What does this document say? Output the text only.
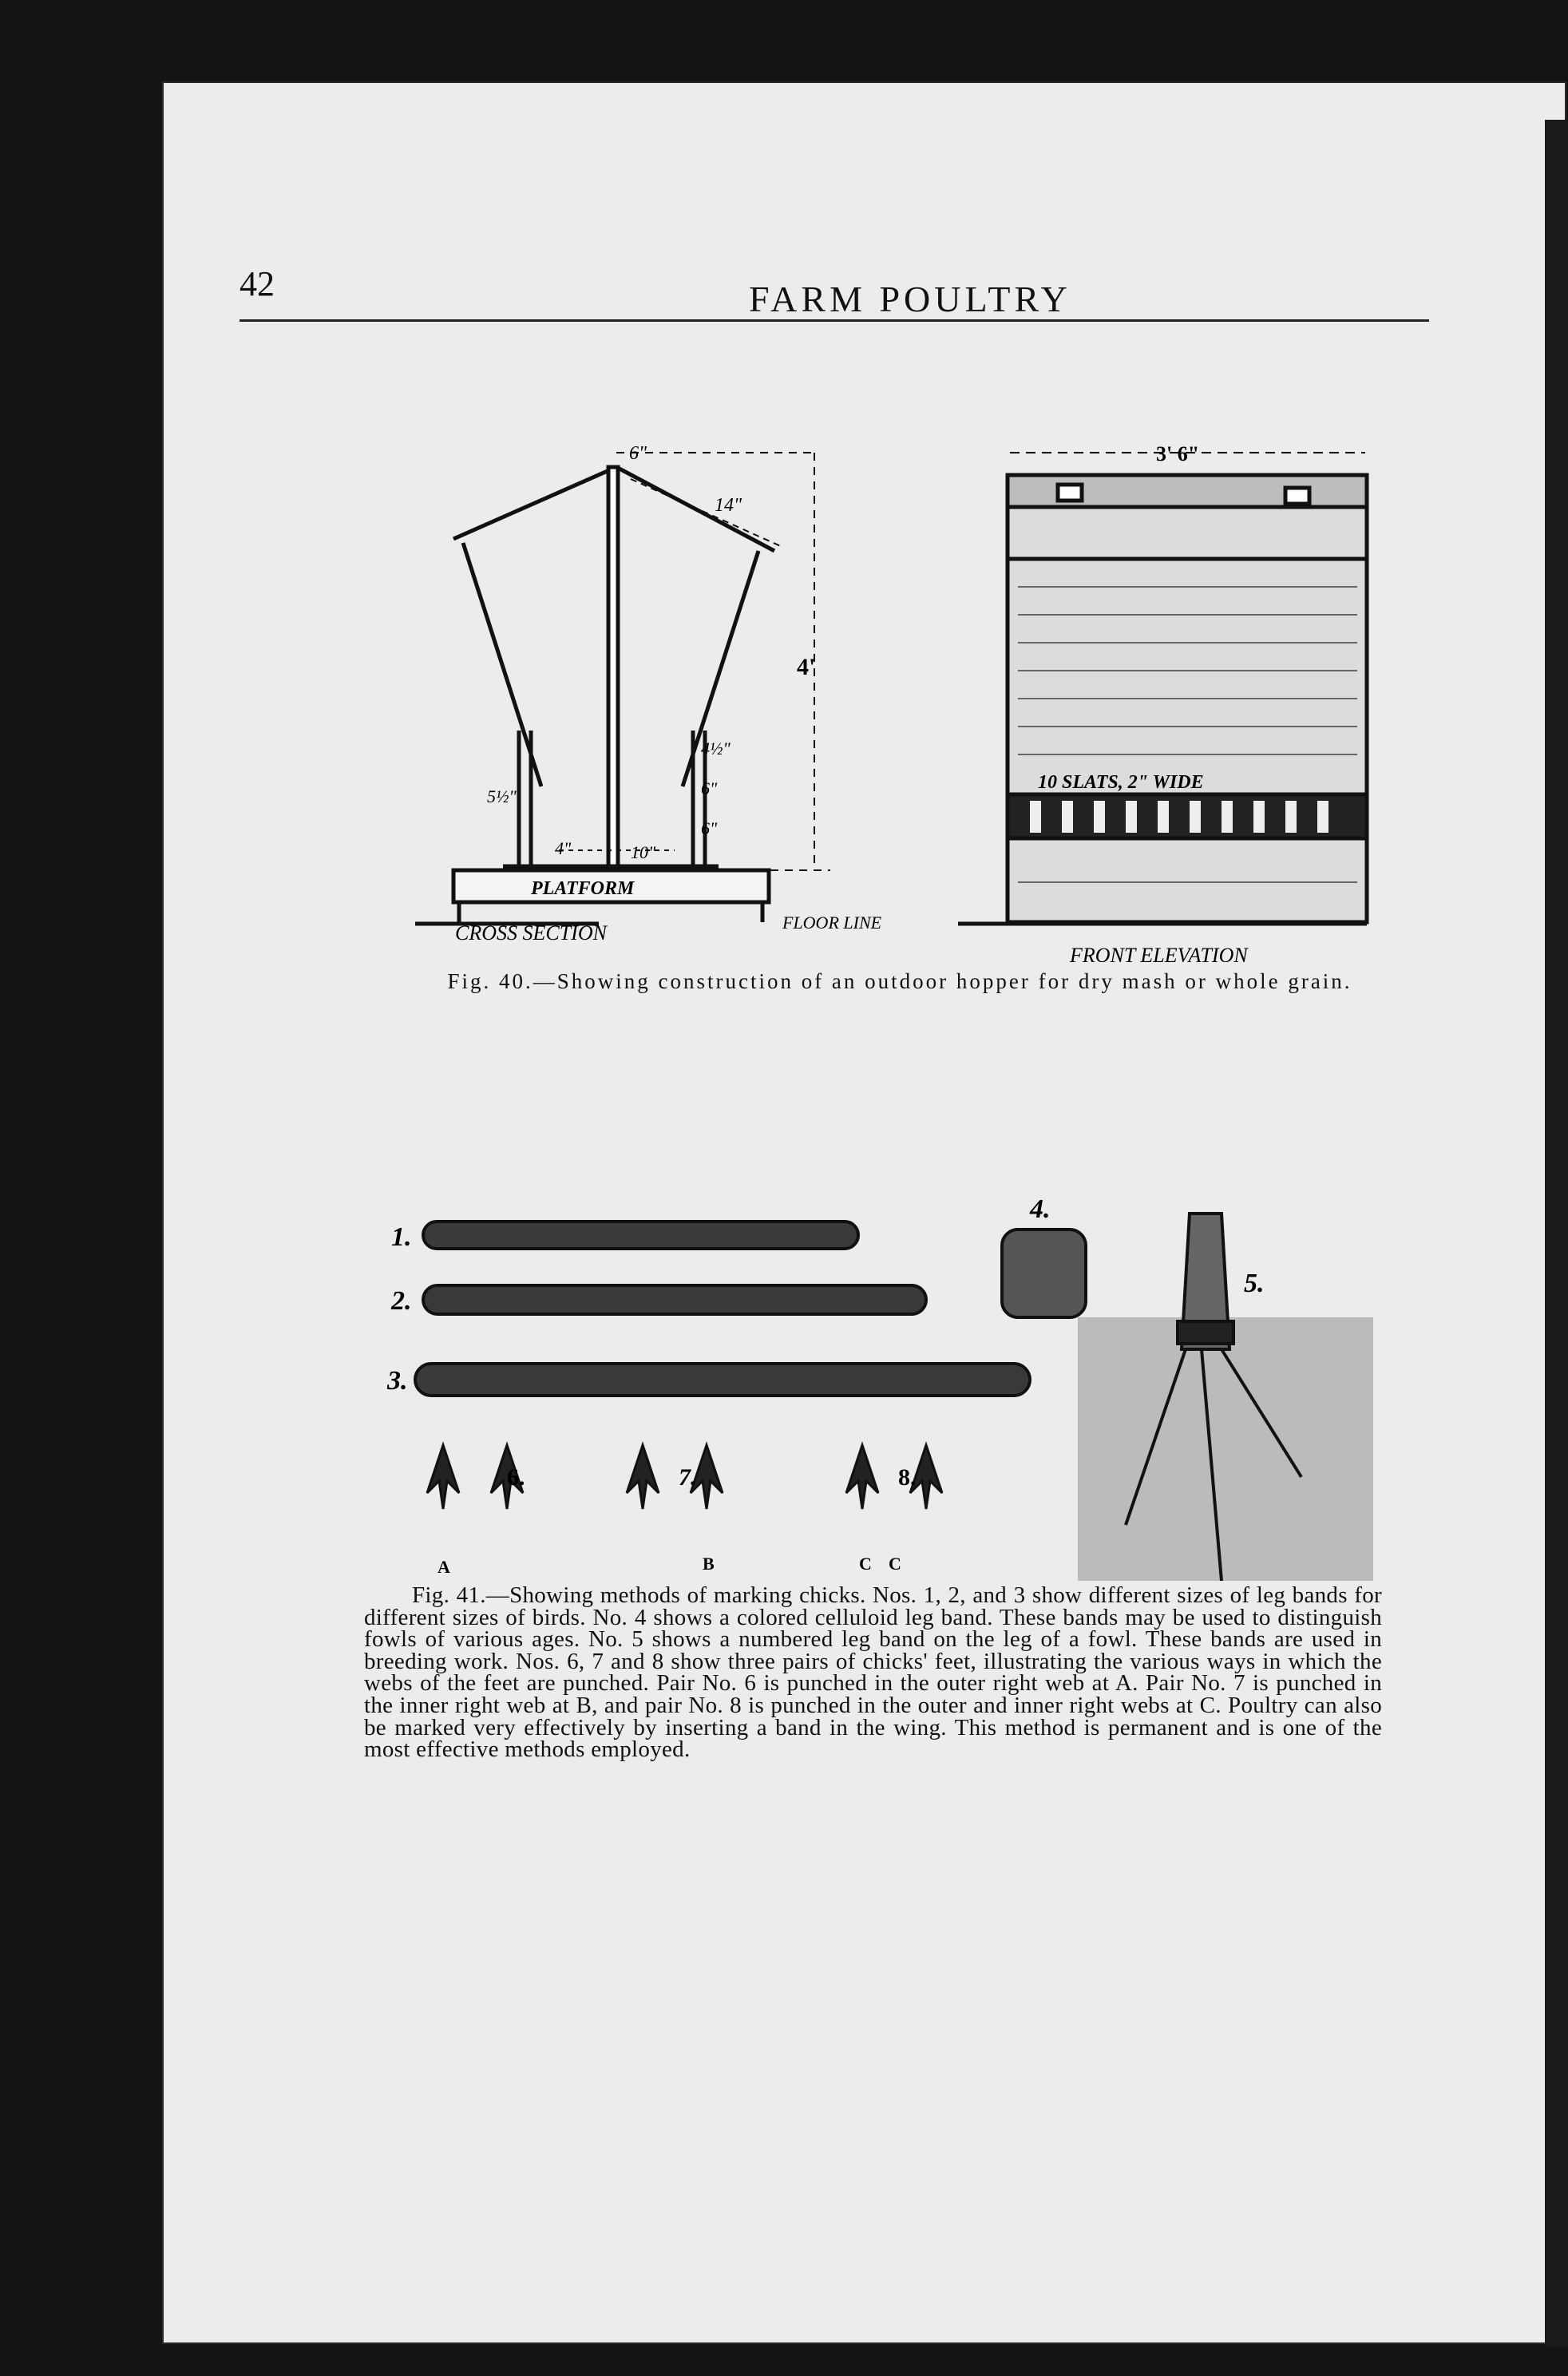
42	FARM POULTRY
6"
14"
4'
4½"
6"
6"
5½"
4"	10"
PLATFORM
CROSS SECTION	FLOOR LINE
3' 6"
10 SLATS, 2" WIDE
FRONT ELEVATION
Fig. 40.—Showing construction of an outdoor hopper for dry mash or whole grain.
1.
2.
3.
4.
5.
6.	7.	8.
A	B	C C

Fig. 41.—Showing methods of marking chicks. Nos. 1, 2, and 3 show different sizes of leg bands for different sizes of birds. No. 4 shows a colored celluloid leg band. These bands may be used to distinguish fowls of various ages. No. 5 shows a numbered leg band on the leg of a fowl. These bands are used in breeding work. Nos. 6, 7 and 8 show three pairs of chicks' feet, illustrating the various ways in which the webs of the feet are punched. Pair No. 6 is punched in the outer right web at A. Pair No. 7 is punched in the inner right web at B, and pair No. 8 is punched in the outer and inner right webs at C. Poultry can also be marked very effectively by inserting a band in the wing. This method is permanent and is one of the most effective methods employed.
